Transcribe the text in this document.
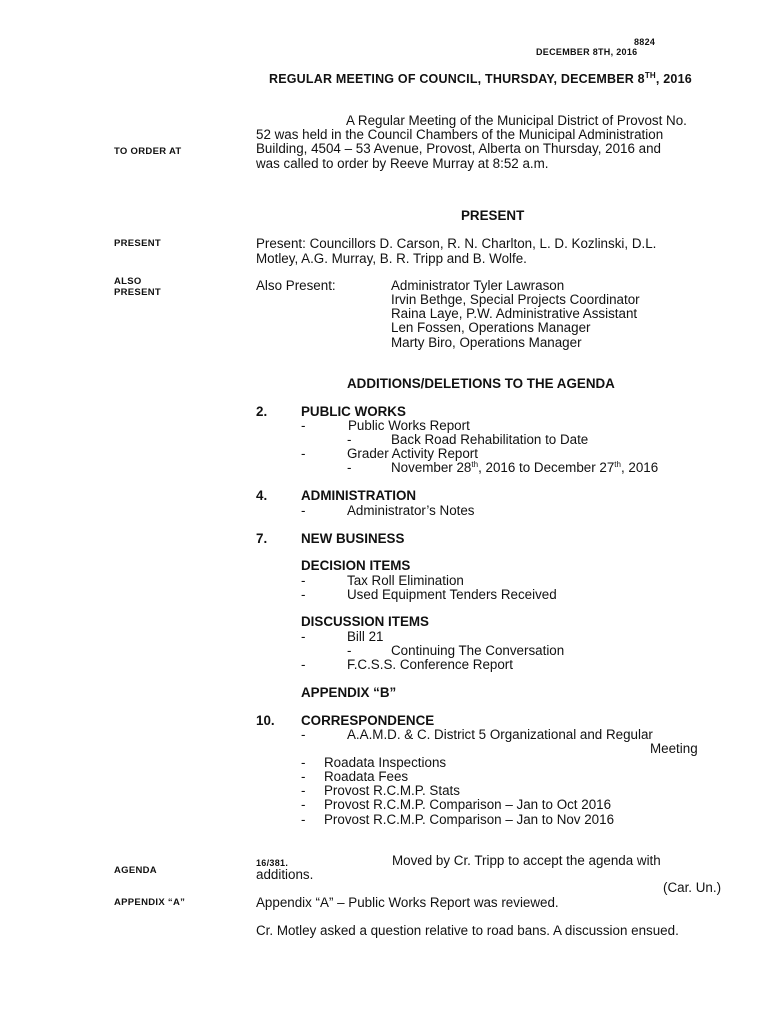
8824
DECEMBER 8TH, 2016
REGULAR MEETING OF COUNCIL, THURSDAY, DECEMBER 8TH, 2016
A Regular Meeting of the Municipal District of Provost No.
TO ORDER AT
52 was held in the Council Chambers of the Municipal Administration
Building, 4504 – 53 Avenue, Provost, Alberta on Thursday, 2016 and
was called to order by Reeve Murray at 8:52 a.m.
PRESENT
PRESENT	Present: Councillors D. Carson, R. N. Charlton, L. D. Kozlinski, D.L.
Motley, A.G. Murray, B. R. Tripp and B. Wolfe.
ALSO
PRESENT	Also Present:	Administrator Tyler Lawrason
Irvin Bethge, Special Projects Coordinator
Raina Laye, P.W. Administrative Assistant
Len Fossen, Operations Manager
Marty Biro, Operations Manager
ADDITIONS/DELETIONS TO THE AGENDA
2.	PUBLIC WORKS
-	Public Works Report
-	Back Road Rehabilitation to Date
-	Grader Activity Report
-	November 28th, 2016 to December 27th, 2016
4.	ADMINISTRATION
-	Administrator’s Notes
7.	NEW BUSINESS
DECISION ITEMS
-	Tax Roll Elimination
-	Used Equipment Tenders Received
DISCUSSION ITEMS
-	Bill 21
-	Continuing The Conversation
-	F.C.S.S. Conference Report
APPENDIX “B”
10. CORRESPONDENCE
-	A.A.M.D. & C. District 5 Organizational and Regular
Meeting
- Roadata Inspections
- Roadata Fees
- Provost R.C.M.P. Stats
- Provost R.C.M.P. Comparison – Jan to Oct 2016
- Provost R.C.M.P. Comparison – Jan to Nov 2016
AGENDA
16/381.	Moved by Cr. Tripp to accept the agenda with
additions.
(Car. Un.)
APPENDIX “A”	Appendix “A” – Public Works Report was reviewed.
Cr. Motley asked a question relative to road bans. A discussion ensued.
